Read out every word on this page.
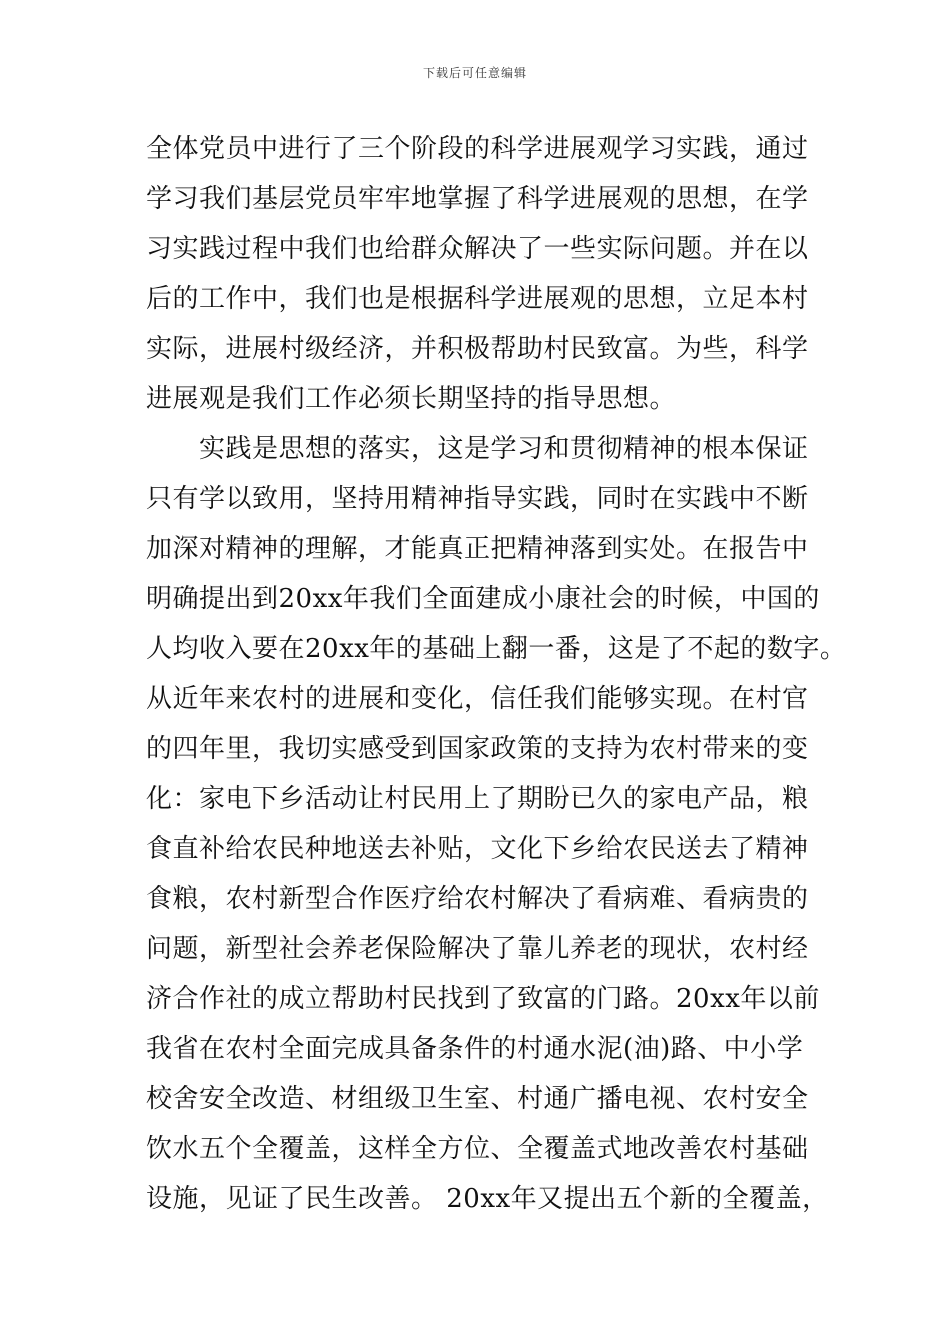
下载后可任意编辑
全体党员中进行了三个阶段的科学进展观学习实践，通过
学习我们基层党员牢牢地掌握了科学进展观的思想，在学
习实践过程中我们也给群众解决了一些实际问题。并在以
后的工作中，我们也是根据科学进展观的思想，立足本村
实际，进展村级经济，并积极帮助村民致富。为些，科学
进展观是我们工作必须长期坚持的指导思想。
　　实践是思想的落实，这是学习和贯彻精神的根本保证
只有学以致用，坚持用精神指导实践，同时在实践中不断
加深对精神的理解，才能真正把精神落到实处。在报告中
明确提出到20xx年我们全面建成小康社会的时候，中国的
人均收入要在20xx年的基础上翻一番，这是了不起的数字。
从近年来农村的进展和变化，信任我们能够实现。在村官
的四年里，我切实感受到国家政策的支持为农村带来的变
化：家电下乡活动让村民用上了期盼已久的家电产品，粮
食直补给农民种地送去补贴，文化下乡给农民送去了精神
食粮，农村新型合作医疗给农村解决了看病难、看病贵的
问题，新型社会养老保险解决了靠儿养老的现状，农村经
济合作社的成立帮助村民找到了致富的门路。20xx年以前
我省在农村全面完成具备条件的村通水泥(油)路、中小学
校舍安全改造、材组级卫生室、村通广播电视、农村安全
饮水五个全覆盖，这样全方位、全覆盖式地改善农村基础
设施，见证了民生改善。 20xx年又提出五个新的全覆盖，
